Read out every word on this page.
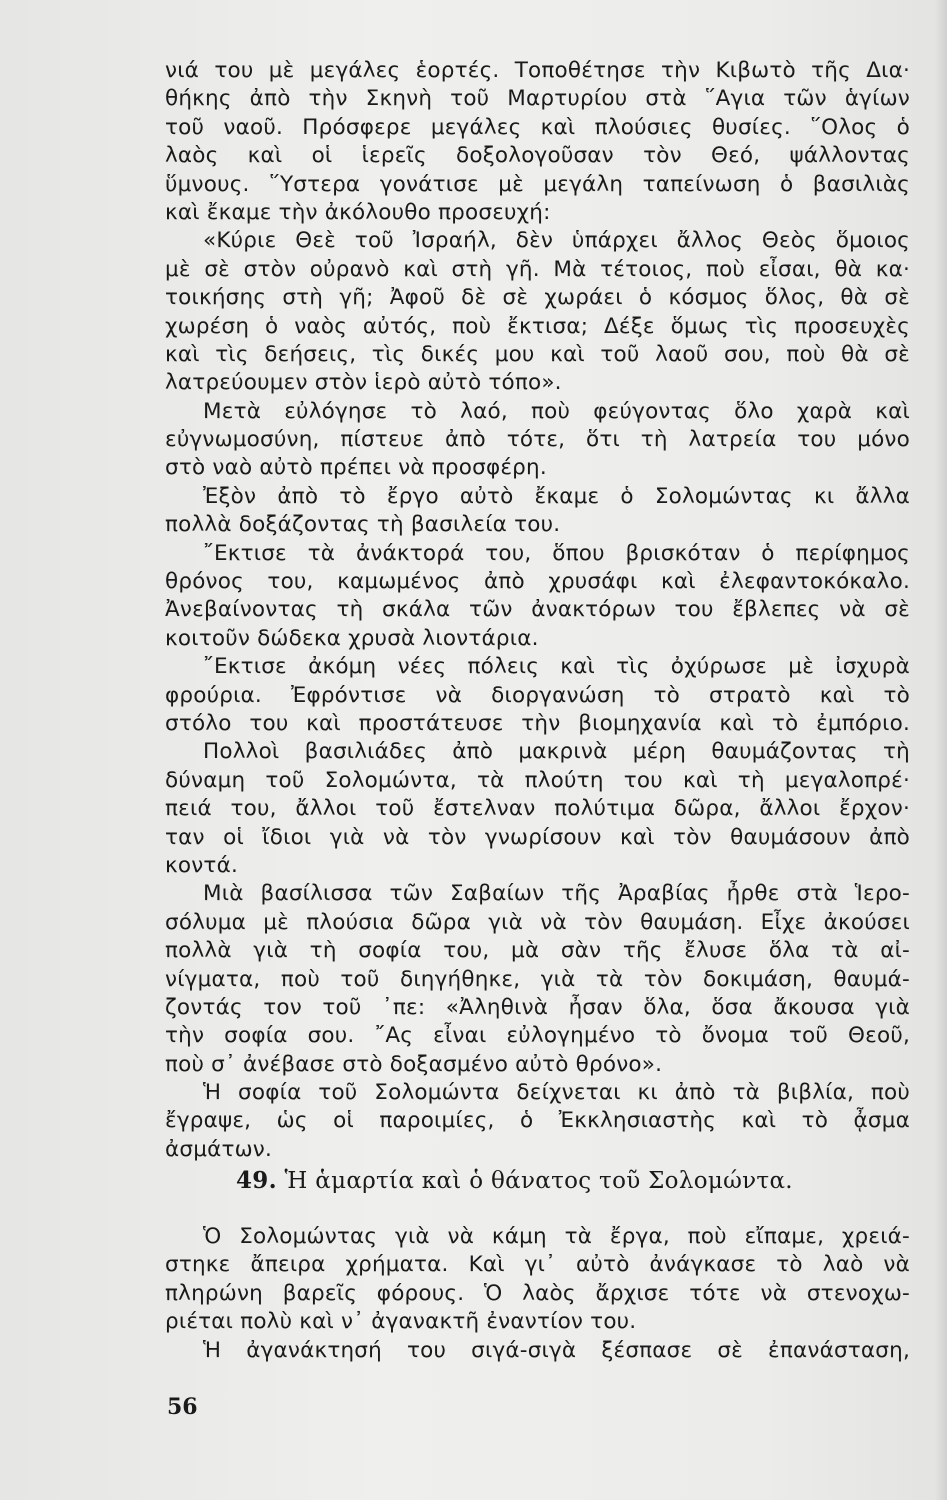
νιά του μὲ μεγάλες ἑορτές. Τοποθέτησε τὴν Κιβωτὸ τῆς Δια·
θήκης ἀπὸ τὴν Σκηνὴ τοῦ Μαρτυρίου στὰ ῞Αγια τῶν ἁγίων
τοῦ ναοῦ. Πρόσφερε μεγάλες καὶ πλούσιες θυσίες. ῞Ολος ὁ
λαὸς καὶ οἱ ἱερεῖς δοξολογοῦσαν τὸν Θεό, ψάλλοντας
ὕμνους. ῞Υστερα γονάτισε μὲ μεγάλη ταπείνωση ὁ βασιλιὰς
καὶ ἔκαμε τὴν ἀκόλουθο προσευχή:
«Κύριε Θεὲ τοῦ Ἰσραήλ, δὲν ὑπάρχει ἄλλος Θεὸς ὅμοιος
μὲ σὲ στὸν οὐρανὸ καὶ στὴ γῆ. Μὰ τέτοιος, ποὺ εἶσαι, θὰ κα·
τοικήσης στὴ γῆ; Ἀφοῦ δὲ σὲ χωράει ὁ κόσμος ὅλος, θὰ σὲ
χωρέση ὁ ναὸς αὐτός, ποὺ ἔκτισα; Δέξε ὅμως τὶς προσευχὲς
καὶ τὶς δεήσεις, τὶς δικές μου καὶ τοῦ λαοῦ σου, ποὺ θὰ σὲ
λατρεύουμεν στὸν ἱερὸ αὐτὸ τόπο».
Μετὰ εὐλόγησε τὸ λαό, ποὺ φεύγοντας ὅλο χαρὰ καὶ
εὐγνωμοσύνη, πίστευε ἀπὸ τότε, ὅτι τὴ λατρεία του μόνο
στὸ ναὸ αὐτὸ πρέπει νὰ προσφέρη.
Ἐξὸν ἀπὸ τὸ ἔργο αὐτὸ ἔκαμε ὁ Σολομώντας κι ἄλλα
πολλὰ δοξάζοντας τὴ βασιλεία του.
῎Εκτισε τὰ ἀνάκτορά του, ὅπου βρισκόταν ὁ περίφημος
θρόνος του, καμωμένος ἀπὸ χρυσάφι καὶ ἐλεφαντοκόκαλο.
Ἀνεβαίνοντας τὴ σκάλα τῶν ἀνακτόρων του ἔβλεπες νὰ σὲ
κοιτοῦν δώδεκα χρυσὰ λιοντάρια.
῎Εκτισε ἀκόμη νέες πόλεις καὶ τὶς ὀχύρωσε μὲ ἰσχυρὰ
φρούρια. Ἐφρόντισε νὰ διοργανώση τὸ στρατὸ καὶ τὸ
στόλο του καὶ προστάτευσε τὴν βιομηχανία καὶ τὸ ἐμπόριο.
Πολλοὶ βασιλιάδες ἀπὸ μακρινὰ μέρη θαυμάζοντας τὴ
δύναμη τοῦ Σολομώντα, τὰ πλούτη του καὶ τὴ μεγαλοπρέ·
πειά του, ἄλλοι τοῦ ἔστελναν πολύτιμα δῶρα, ἄλλοι ἔρχον·
ταν οἱ ἴδιοι γιὰ νὰ τὸν γνωρίσουν καὶ τὸν θαυμάσουν ἀπὸ
κοντά.
Μιὰ βασίλισσα τῶν Σαβαίων τῆς Ἀραβίας ἦρθε στὰ Ἱερο-
σόλυμα μὲ πλούσια δῶρα γιὰ νὰ τὸν θαυμάση. Εἶχε ἀκούσει
πολλὰ γιὰ τὴ σοφία του, μὰ σὰν τῆς ἔλυσε ὅλα τὰ αἰ-
νίγματα, ποὺ τοῦ διηγήθηκε, γιὰ τὰ τὸν δοκιμάση, θαυμά-
ζοντάς τον τοῦ ᾽πε: «Ἀληθινὰ ἦσαν ὅλα, ὅσα ἄκουσα γιὰ
τὴν σοφία σου. ῎Ας εἶναι εὐλογημένο τὸ ὄνομα τοῦ Θεοῦ,
ποὺ σ᾽ ἀνέβασε στὸ δοξασμένο αὐτὸ θρόνο».
Ἡ σοφία τοῦ Σολομώντα δείχνεται κι ἀπὸ τὰ βιβλία, ποὺ
ἔγραψε, ὡς οἱ παροιμίες, ὁ Ἐκκλησιαστὴς καὶ τὸ ᾆσμα
ἀσμάτων.
49. Ἡ ἁμαρτία καὶ ὁ θάνατος τοῦ Σολομώντα.
Ὁ Σολομώντας γιὰ νὰ κάμη τὰ ἔργα, ποὺ εἴπαμε, χρειά-
στηκε ἄπειρα χρήματα. Καὶ γι᾽ αὐτὸ ἀνάγκασε τὸ λαὸ νὰ
πληρώνη βαρεῖς φόρους. Ὁ λαὸς ἄρχισε τότε νὰ στενοχω-
ριέται πολὺ καὶ ν᾽ ἀγανακτῆ ἐναντίον του.
Ἡ ἀγανάκτησή του σιγά-σιγὰ ξέσπασε σὲ ἐπανάσταση,
56
